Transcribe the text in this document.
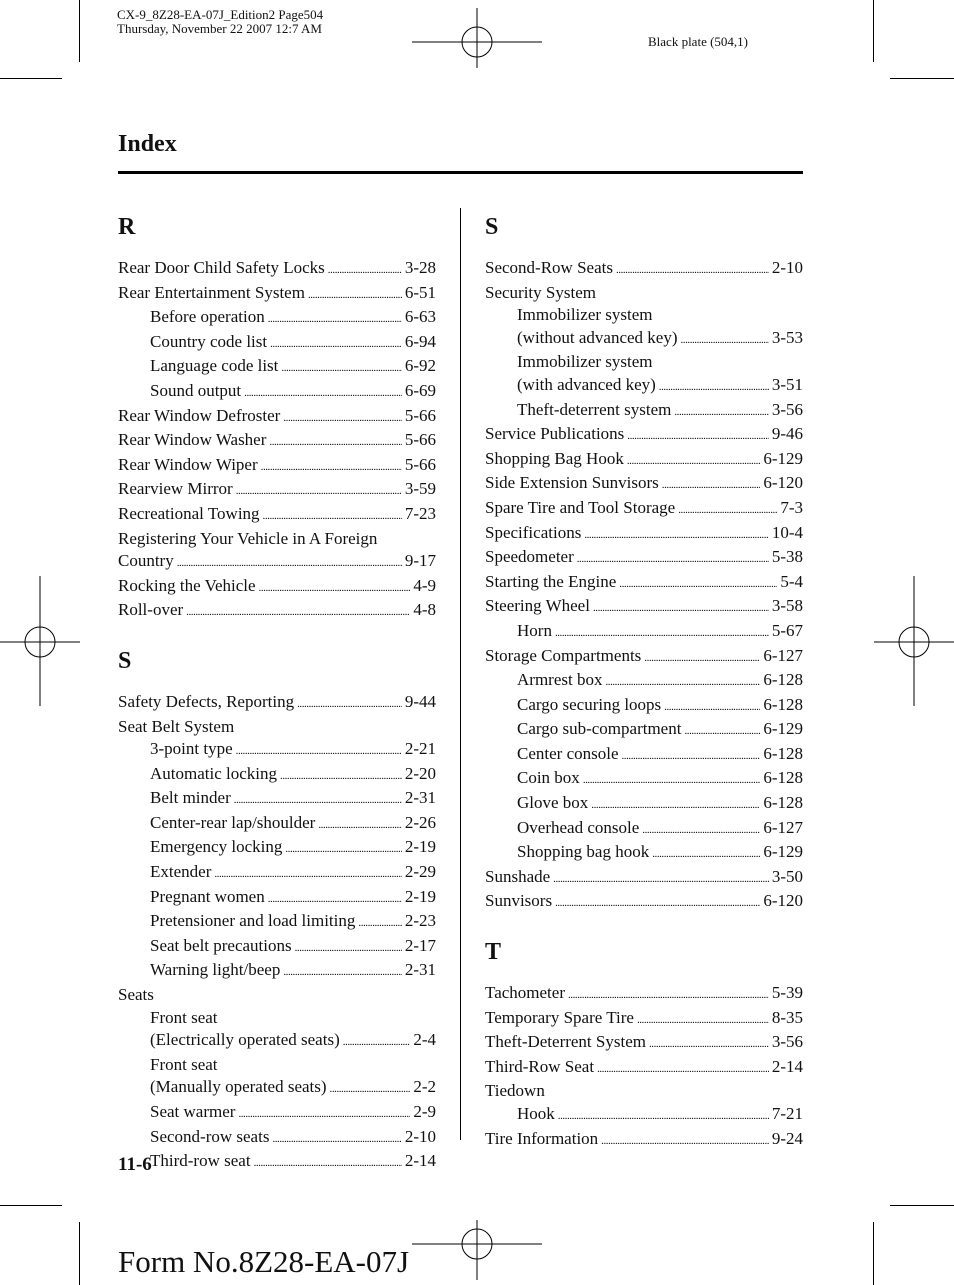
CX-9_8Z28-EA-07J_Edition2 Page504
Thursday, November 22 2007 12:7 AM
Black plate (504,1)
Index
R
Rear Door Child Safety Locks . . .	3-28
Rear Entertainment System . . .	6-51
Before operation . . .	6-63
Country code list . . .	6-94
Language code list . . .	6-92
Sound output . . .	6-69
Rear Window Defroster . . .	5-66
Rear Window Washer . . .	5-66
Rear Window Wiper . . .	5-66
Rearview Mirror . . .	3-59
Recreational Towing . . .	7-23
Registering Your Vehicle in A Foreign
Country . . .	9-17
Rocking the Vehicle . . .	4-9
Roll-over . . .	4-8
S
Safety Defects, Reporting . . .	9-44
Seat Belt System
3-point type . . .	2-21
Automatic locking . . .	2-20
Belt minder . . .	2-31
Center-rear lap/shoulder . . .	2-26
Emergency locking . . .	2-19
Extender . . .	2-29
Pregnant women . . .	2-19
Pretensioner and load limiting . . .	2-23
Seat belt precautions . . .	2-17
Warning light/beep . . .	2-31
Seats
Front seat
(Electrically operated seats) . . .	2-4
Front seat
(Manually operated seats) . . .	2-2
Seat warmer . . .	2-9
Second-row seats . . .	2-10
Third-row seat . . .	2-14
S
Second-Row Seats . . .	2-10
Security System
Immobilizer system
(without advanced key) . . .	3-53
Immobilizer system
(with advanced key) . . .	3-51
Theft-deterrent system . . .	3-56
Service Publications . . .	9-46
Shopping Bag Hook . . .	6-129
Side Extension Sunvisors . . .	6-120
Spare Tire and Tool Storage . . .	7-3
Specifications . . .	10-4
Speedometer . . .	5-38
Starting the Engine . . .	5-4
Steering Wheel . . .	3-58
Horn . . .	5-67
Storage Compartments . . .	6-127
Armrest box . . .	6-128
Cargo securing loops . . .	6-128
Cargo sub-compartment . . .	6-129
Center console . . .	6-128
Coin box . . .	6-128
Glove box . . .	6-128
Overhead console . . .	6-127
Shopping bag hook . . .	6-129
Sunshade . . .	3-50
Sunvisors . . .	6-120
T
Tachometer . . .	5-39
Temporary Spare Tire . . .	8-35
Theft-Deterrent System . . .	3-56
Third-Row Seat . . .	2-14
Tiedown
Hook . . .	7-21
Tire Information . . .	9-24
11-6
Form No.8Z28-EA-07J
